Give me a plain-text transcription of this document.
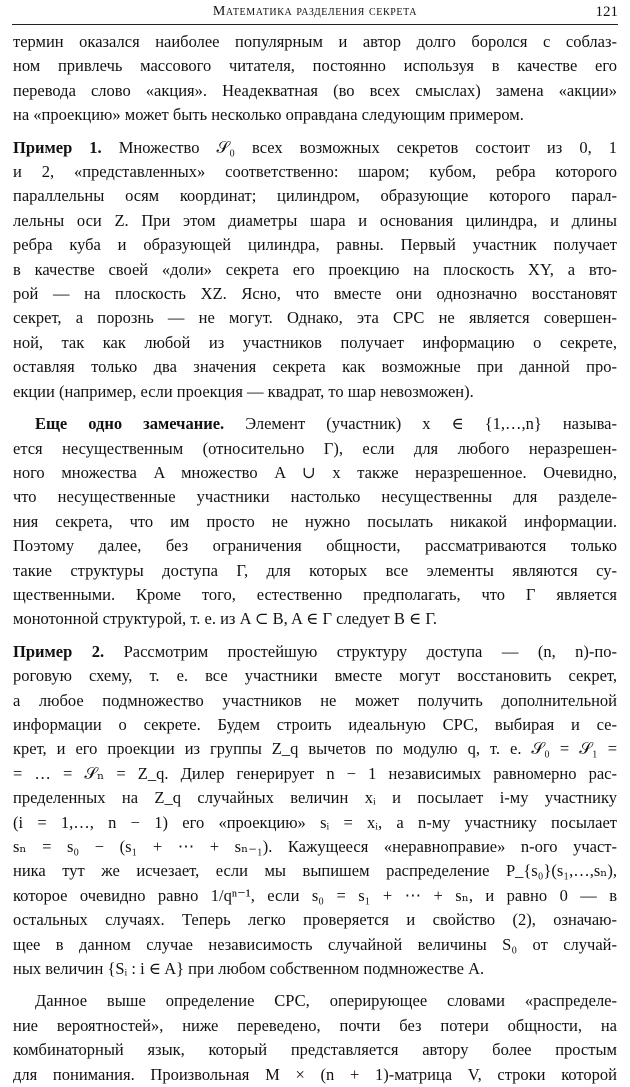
Математика разделения секрета	121

термин оказался наиболее популярным и автор долго боролся с соблаз-
ном привлечь массового читателя, постоянно используя в качестве его
перевода слово «акция». Неадекватная (во всех смыслах) замена «акции»
на «проекцию» может быть несколько оправдана следующим примером.

Пример 1. Множество 𝒮₀ всех возможных секретов состоит из 0, 1
и 2, «представленных» соответственно: шаром; кубом, ребра которого
параллельны осям координат; цилиндром, образующие которого парал-
лельны оси Z. При этом диаметры шара и основания цилиндра, и длины
ребра куба и образующей цилиндра, равны. Первый участник получает
в качестве своей «доли» секрета его проекцию на плоскость XY, а вто-
рой — на плоскость XZ. Ясно, что вместе они однозначно восстановят
секрет, а порознь — не могут. Однако, эта СРС не является совершен-
ной, так как любой из участников получает информацию о секрете,
оставляя только два значения секрета как возможные при данной про-
екции (например, если проекция — квадрат, то шар невозможен).

Еще одно замечание. Элемент (участник) x ∈ {1,…,n} называ-
ется несущественным (относительно Γ), если для любого неразрешен-
ного множества A множество A ∪ x также неразрешенное. Очевидно,
что несущественные участники настолько несущественны для разделе-
ния секрета, что им просто не нужно посылать никакой информации.
Поэтому далее, без ограничения общности, рассматриваются только
такие структуры доступа Γ, для которых все элементы являются су-
щественными. Кроме того, естественно предполагать, что Γ является
монотонной структурой, т. е. из A ⊂ B, A ∈ Γ следует B ∈ Γ.

Пример 2. Рассмотрим простейшую структуру доступа — (n, n)-по-
роговую схему, т. е. все участники вместе могут восстановить секрет,
а любое подмножество участников не может получить дополнительной
информации о секрете. Будем строить идеальную СРС, выбирая и се-
крет, и его проекции из группы Z_q вычетов по модулю q, т. е. 𝒮₀ = 𝒮₁ =
= … = 𝒮ₙ = Z_q. Дилер генерирует n − 1 независимых равномерно рас-
пределенных на Z_q случайных величин xᵢ и посылает i-му участнику
(i = 1,…, n − 1) его «проекцию» sᵢ = xᵢ, а n-му участнику посылает
sₙ = s₀ − (s₁ + ⋯ + sₙ₋₁). Кажущееся «неравноправие» n-ого участ-
ника тут же исчезает, если мы выпишем распределение P_{s₀}(s₁,…,sₙ),
которое очевидно равно 1/qⁿ⁻¹, если s₀ = s₁ + ⋯ + sₙ, и равно 0 — в
остальных случаях. Теперь легко проверяется и свойство (2), означаю-
щее в данном случае независимость случайной величины S₀ от случай-
ных величин {Sᵢ : i ∈ A} при любом собственном подмножестве A.

Данное выше определение СРС, оперирующее словами «распределе-
ние вероятностей», ниже переведено, почти без потери общности, на
комбинаторный язык, который представляется автору более простым
для понимания. Произвольная M × (n + 1)-матрица V, строки которой
